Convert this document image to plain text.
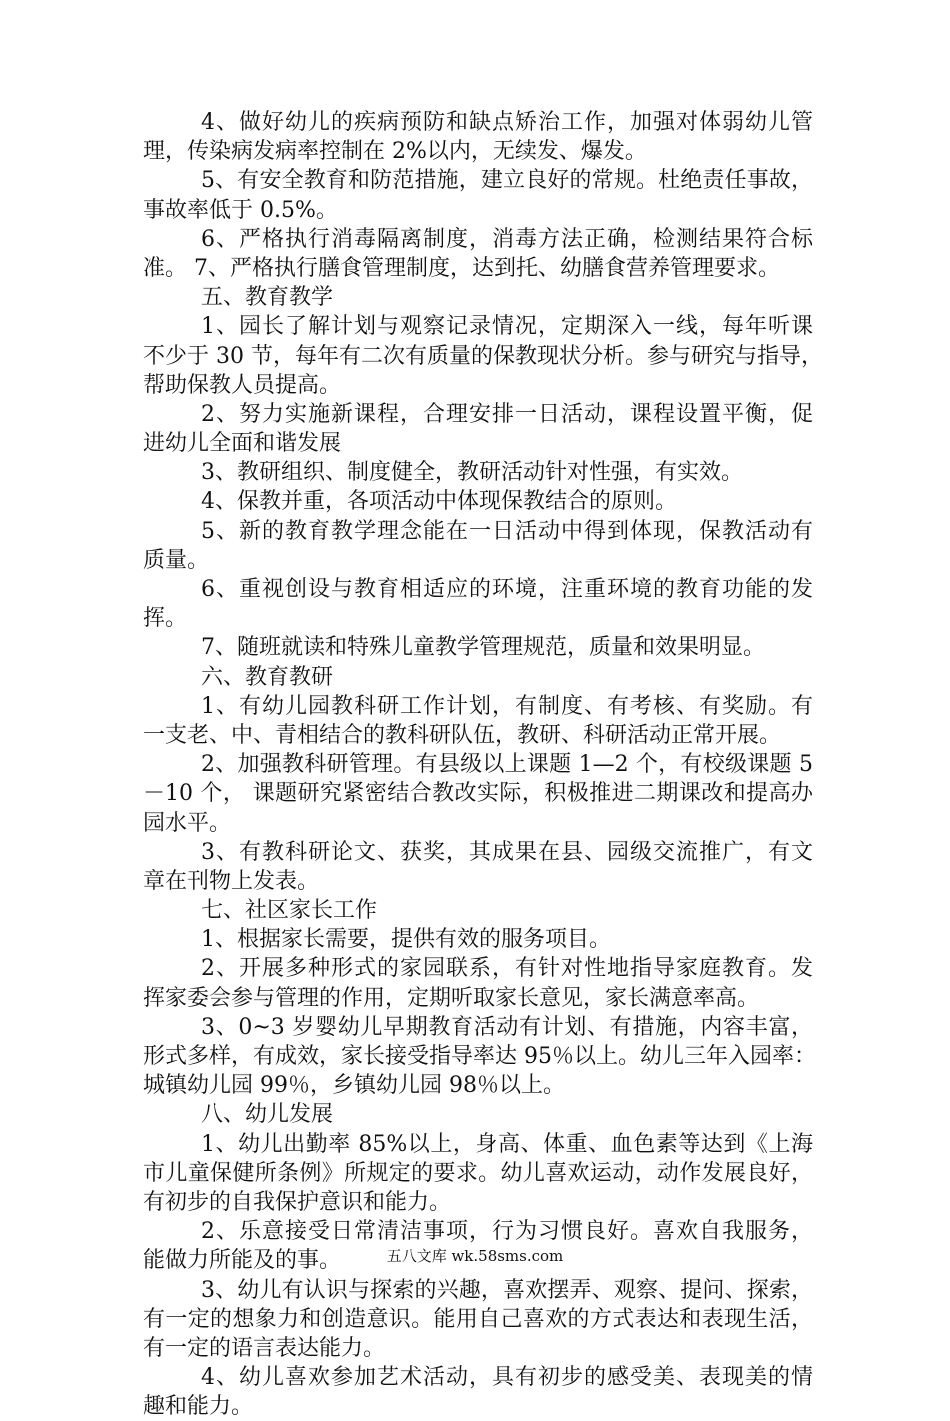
4、做好幼儿的疾病预防和缺点矫治工作，加强对体弱幼儿管
理，传染病发病率控制在 2%以内，无续发、爆发。
5、有安全教育和防范措施，建立良好的常规。杜绝责任事故，
事故率低于 0.5%。
6、严格执行消毒隔离制度，消毒方法正确，检测结果符合标
准。 7、严格执行膳食管理制度，达到托、幼膳食营养管理要求。
五、教育教学
1、园长了解计划与观察记录情况，定期深入一线，每年听课
不少于 30 节，每年有二次有质量的保教现状分析。参与研究与指导，
帮助保教人员提高。
2、努力实施新课程，合理安排一日活动，课程设置平衡，促
进幼儿全面和谐发展
3、教研组织、制度健全，教研活动针对性强，有实效。
4、保教并重，各项活动中体现保教结合的原则。
5、新的教育教学理念能在一日活动中得到体现，保教活动有
质量。
6、重视创设与教育相适应的环境，注重环境的教育功能的发
挥。
7、随班就读和特殊儿童教学管理规范，质量和效果明显。
六、教育教研
1、有幼儿园教科研工作计划，有制度、有考核、有奖励。有
一支老、中、青相结合的教科研队伍，教研、科研活动正常开展。
2、加强教科研管理。有县级以上课题 1—2 个，有校级课题 5
－10 个， 课题研究紧密结合教改实际，积极推进二期课改和提高办
园水平。
3、有教科研论文、获奖，其成果在县、园级交流推广，有文
章在刊物上发表。
七、社区家长工作
1、根据家长需要，提供有效的服务项目。
2、开展多种形式的家园联系，有针对性地指导家庭教育。发
挥家委会参与管理的作用，定期听取家长意见，家长满意率高。
3、0~3 岁婴幼儿早期教育活动有计划、有措施，内容丰富，
形式多样，有成效，家长接受指导率达 95％以上。幼儿三年入园率：
城镇幼儿园 99％，乡镇幼儿园 98％以上。
八、幼儿发展
1、幼儿出勤率 85%以上，身高、体重、血色素等达到《上海
市儿童保健所条例》所规定的要求。幼儿喜欢运动，动作发展良好，
有初步的自我保护意识和能力。
2、乐意接受日常清洁事项，行为习惯良好。喜欢自我服务，
能做力所能及的事。
3、幼儿有认识与探索的兴趣，喜欢摆弄、观察、提问、探索，
有一定的想象力和创造意识。能用自己喜欢的方式表达和表现生活，
有一定的语言表达能力。
4、幼儿喜欢参加艺术活动，具有初步的感受美、表现美的情
趣和能力。
五八文库 wk.58sms.com
